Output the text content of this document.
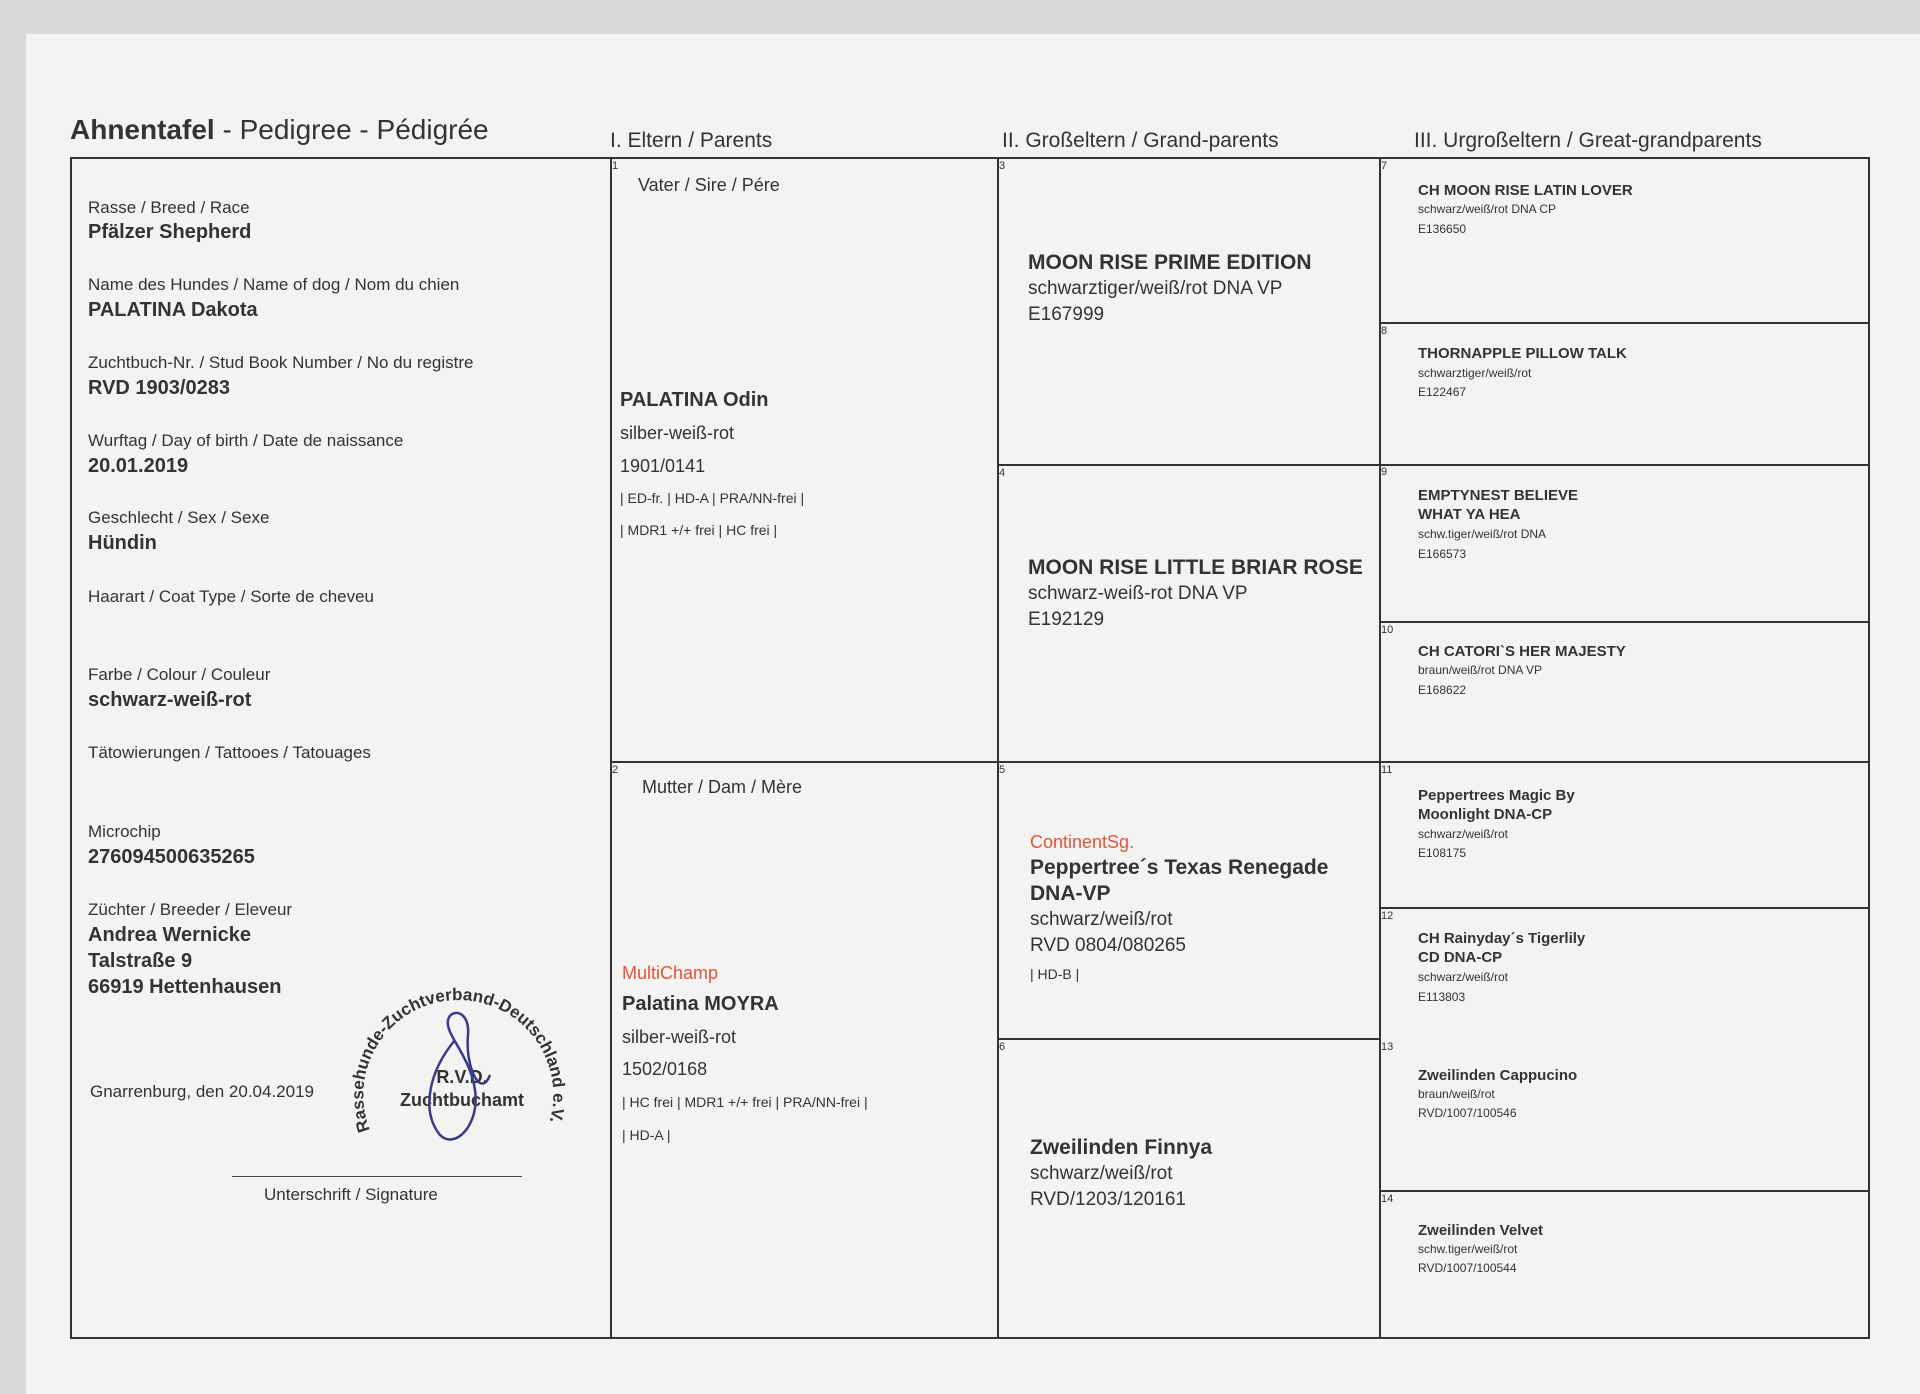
Ahnentafel - Pedigree - Pédigrée	I. Eltern / Parents	II. Großeltern / Grand-parents	III. Urgroßeltern / Great-grandparents
Rasse / Breed / Race
Pfälzer Shepherd
Name des Hundes / Name of dog / Nom du chien
PALATINA Dakota
Zuchtbuch-Nr. / Stud Book Number / No du registre
RVD 1903/0283
Wurftag / Day of birth / Date de naissance
20.01.2019
Geschlecht / Sex / Sexe
Hündin
Haarart / Coat Type / Sorte de cheveu
Farbe / Colour / Couleur
schwarz-weiß-rot
Tätowierungen / Tattooes / Tatouages
Microchip
276094500635265
Züchter / Breeder / Eleveur
Andrea Wernicke
Talstraße 9
66919 Hettenhausen
Gnarrenburg, den 20.04.2019
Unterschrift / Signature
Rassehunde-Zuchtverband-Deutschland e.V.
R.V.D.
Zuchtbuchamt
1
Vater / Sire / Pére
PALATINA Odin
silber-weiß-rot
1901/0141
| ED-fr. | HD-A | PRA/NN-frei |
| MDR1 +/+ frei | HC frei |
2
Mutter / Dam / Mère
MultiChamp
Palatina MOYRA
silber-weiß-rot
1502/0168
| HC frei | MDR1 +/+ frei | PRA/NN-frei |
| HD-A |
3
MOON RISE PRIME EDITION
schwarztiger/weiß/rot DNA VP
E167999
4
MOON RISE LITTLE BRIAR ROSE
schwarz-weiß-rot DNA VP
E192129
5
ContinentSg.
Peppertree´s Texas Renegade
DNA-VP
schwarz/weiß/rot
RVD 0804/080265
| HD-B |
6
Zweilinden Finnya
schwarz/weiß/rot
RVD/1203/120161
7
CH MOON RISE LATIN LOVER
schwarz/weiß/rot DNA CP
E136650
8
THORNAPPLE PILLOW TALK
schwarztiger/weiß/rot
E122467
9
EMPTYNEST BELIEVE WHAT YA HEA
schw.tiger/weiß/rot DNA
E166573
10
CH CATORI`S HER MAJESTY
braun/weiß/rot DNA VP
E168622
11
Peppertrees Magic By Moonlight DNA-CP
schwarz/weiß/rot
E108175
12
CH Rainyday´s Tigerlily CD DNA-CP
schwarz/weiß/rot
E113803
13
Zweilinden Cappucino
braun/weiß/rot
RVD/1007/100546
14
Zweilinden Velvet
schw.tiger/weiß/rot
RVD/1007/100544
